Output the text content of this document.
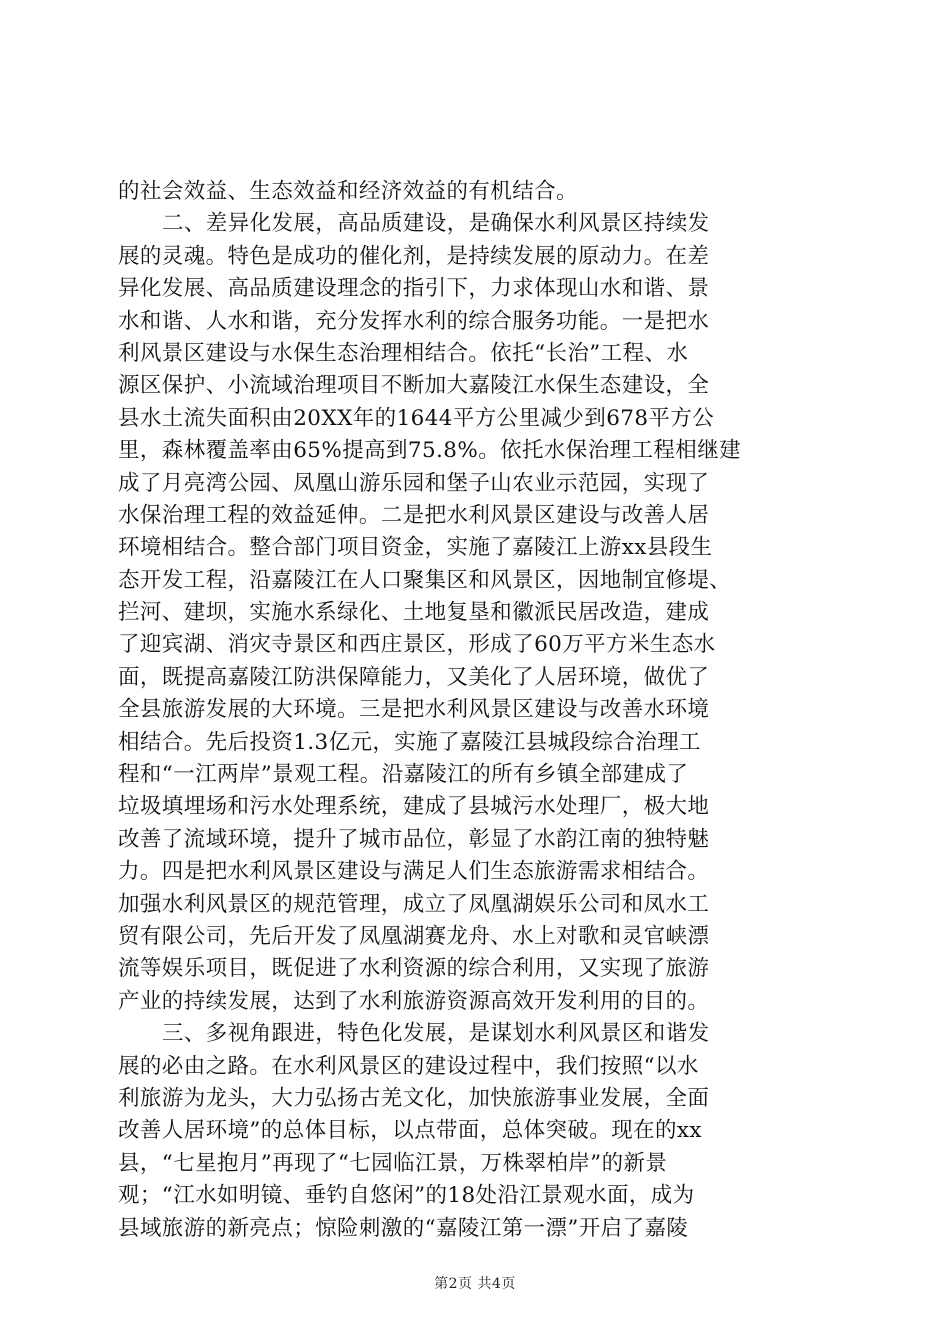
的社会效益、生态效益和经济效益的有机结合。
二、差异化发展，高品质建设，是确保水利风景区持续发
展的灵魂。特色是成功的催化剂，是持续发展的原动力。在差
异化发展、高品质建设理念的指引下，力求体现山水和谐、景
水和谐、人水和谐，充分发挥水利的综合服务功能。一是把水
利风景区建设与水保生态治理相结合。依托“长治”工程、水
源区保护、小流域治理项目不断加大嘉陵江水保生态建设，全
县水土流失面积由20XX年的1644平方公里减少到678平方公
里，森林覆盖率由65%提高到75.8%。依托水保治理工程相继建
成了月亮湾公园、凤凰山游乐园和堡子山农业示范园，实现了
水保治理工程的效益延伸。二是把水利风景区建设与改善人居
环境相结合。整合部门项目资金，实施了嘉陵江上游xx县段生
态开发工程，沿嘉陵江在人口聚集区和风景区，因地制宜修堤、
拦河、建坝，实施水系绿化、土地复垦和徽派民居改造，建成
了迎宾湖、消灾寺景区和西庄景区，形成了60万平方米生态水
面，既提高嘉陵江防洪保障能力，又美化了人居环境，做优了
全县旅游发展的大环境。三是把水利风景区建设与改善水环境
相结合。先后投资1.3亿元，实施了嘉陵江县城段综合治理工
程和“一江两岸”景观工程。沿嘉陵江的所有乡镇全部建成了
垃圾填埋场和污水处理系统，建成了县城污水处理厂，极大地
改善了流域环境，提升了城市品位，彰显了水韵江南的独特魅
力。四是把水利风景区建设与满足人们生态旅游需求相结合。
加强水利风景区的规范管理，成立了凤凰湖娱乐公司和凤水工
贸有限公司，先后开发了凤凰湖赛龙舟、水上对歌和灵官峡漂
流等娱乐项目，既促进了水利资源的综合利用，又实现了旅游
产业的持续发展，达到了水利旅游资源高效开发利用的目的。
三、多视角跟进，特色化发展，是谋划水利风景区和谐发
展的必由之路。在水利风景区的建设过程中，我们按照“以水
利旅游为龙头，大力弘扬古羌文化，加快旅游事业发展，全面
改善人居环境”的总体目标，以点带面，总体突破。现在的xx
县，“七星抱月”再现了“七园临江景，万株翠柏岸”的新景
观；“江水如明镜、垂钓自悠闲”的18处沿江景观水面，成为
县域旅游的新亮点；惊险刺激的“嘉陵江第一漂”开启了嘉陵
第2页 共4页
